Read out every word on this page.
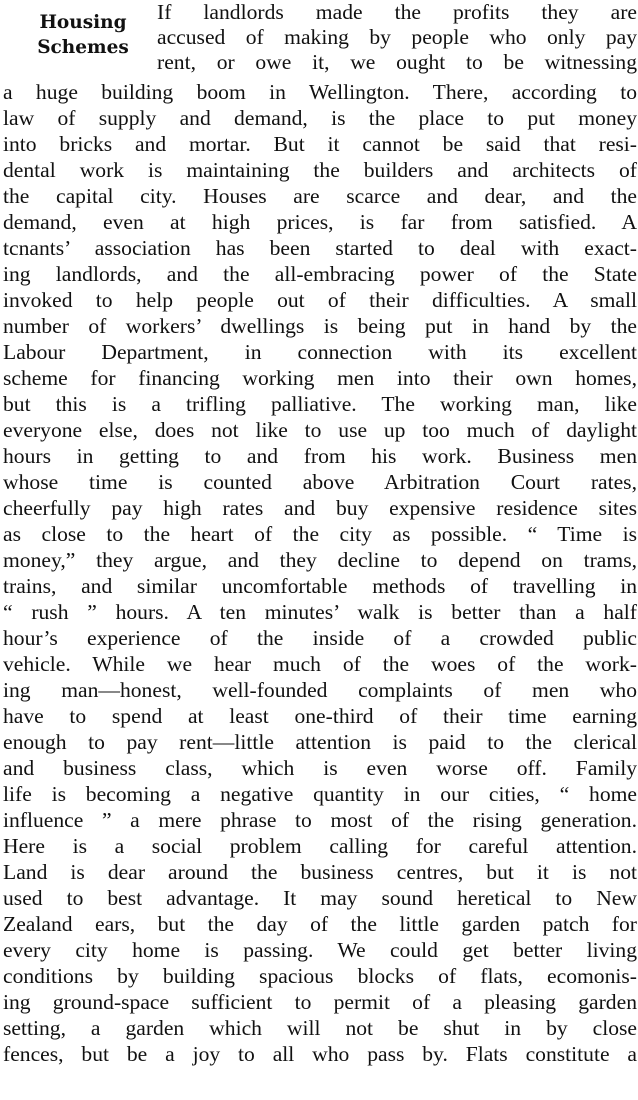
Housing
Schemes
If landlords made the profits they are
accused of making by people who only pay
rent, or owe it, we ought to be witnessing
a huge building boom in Wellington. There, according to
law of supply and demand, is the place to put money
into bricks and mortar. But it cannot be said that resi-
dental work is maintaining the builders and architects of
the capital city. Houses are scarce and dear, and the
demand, even at high prices, is far from satisfied. A
tcnants’ association has been started to deal with exact-
ing landlords, and the all-embracing power of the State
invoked to help people out of their difficulties. A small
number of workers’ dwellings is being put in hand by the
Labour Department, in connection with its excellent
scheme for financing working men into their own homes,
but this is a trifling palliative. The working man, like
everyone else, does not like to use up too much of daylight
hours in getting to and from his work. Business men
whose time is counted above Arbitration Court rates,
cheerfully pay high rates and buy expensive residence sites
as close to the heart of the city as possible. “ Time is
money,” they argue, and they decline to depend on trams,
trains, and similar uncomfortable methods of travelling in
“ rush ” hours. A ten minutes’ walk is better than a half
hour’s experience of the inside of a crowded public
vehicle. While we hear much of the woes of the work-
ing man—honest, well-founded complaints of men who
have to spend at least one-third of their time earning
enough to pay rent—little attention is paid to the clerical
and business class, which is even worse off. Family
life is becoming a negative quantity in our cities, “ home
influence ” a mere phrase to most of the rising generation.
Here is a social problem calling for careful attention.
Land is dear around the business centres, but it is not
used to best advantage. It may sound heretical to New
Zealand ears, but the day of the little garden patch for
every city home is passing. We could get better living
conditions by building spacious blocks of flats, ecomonis-
ing ground-space sufficient to permit of a pleasing garden
setting, a garden which will not be shut in by close
fences, but be a joy to all who pass by. Flats constitute a
